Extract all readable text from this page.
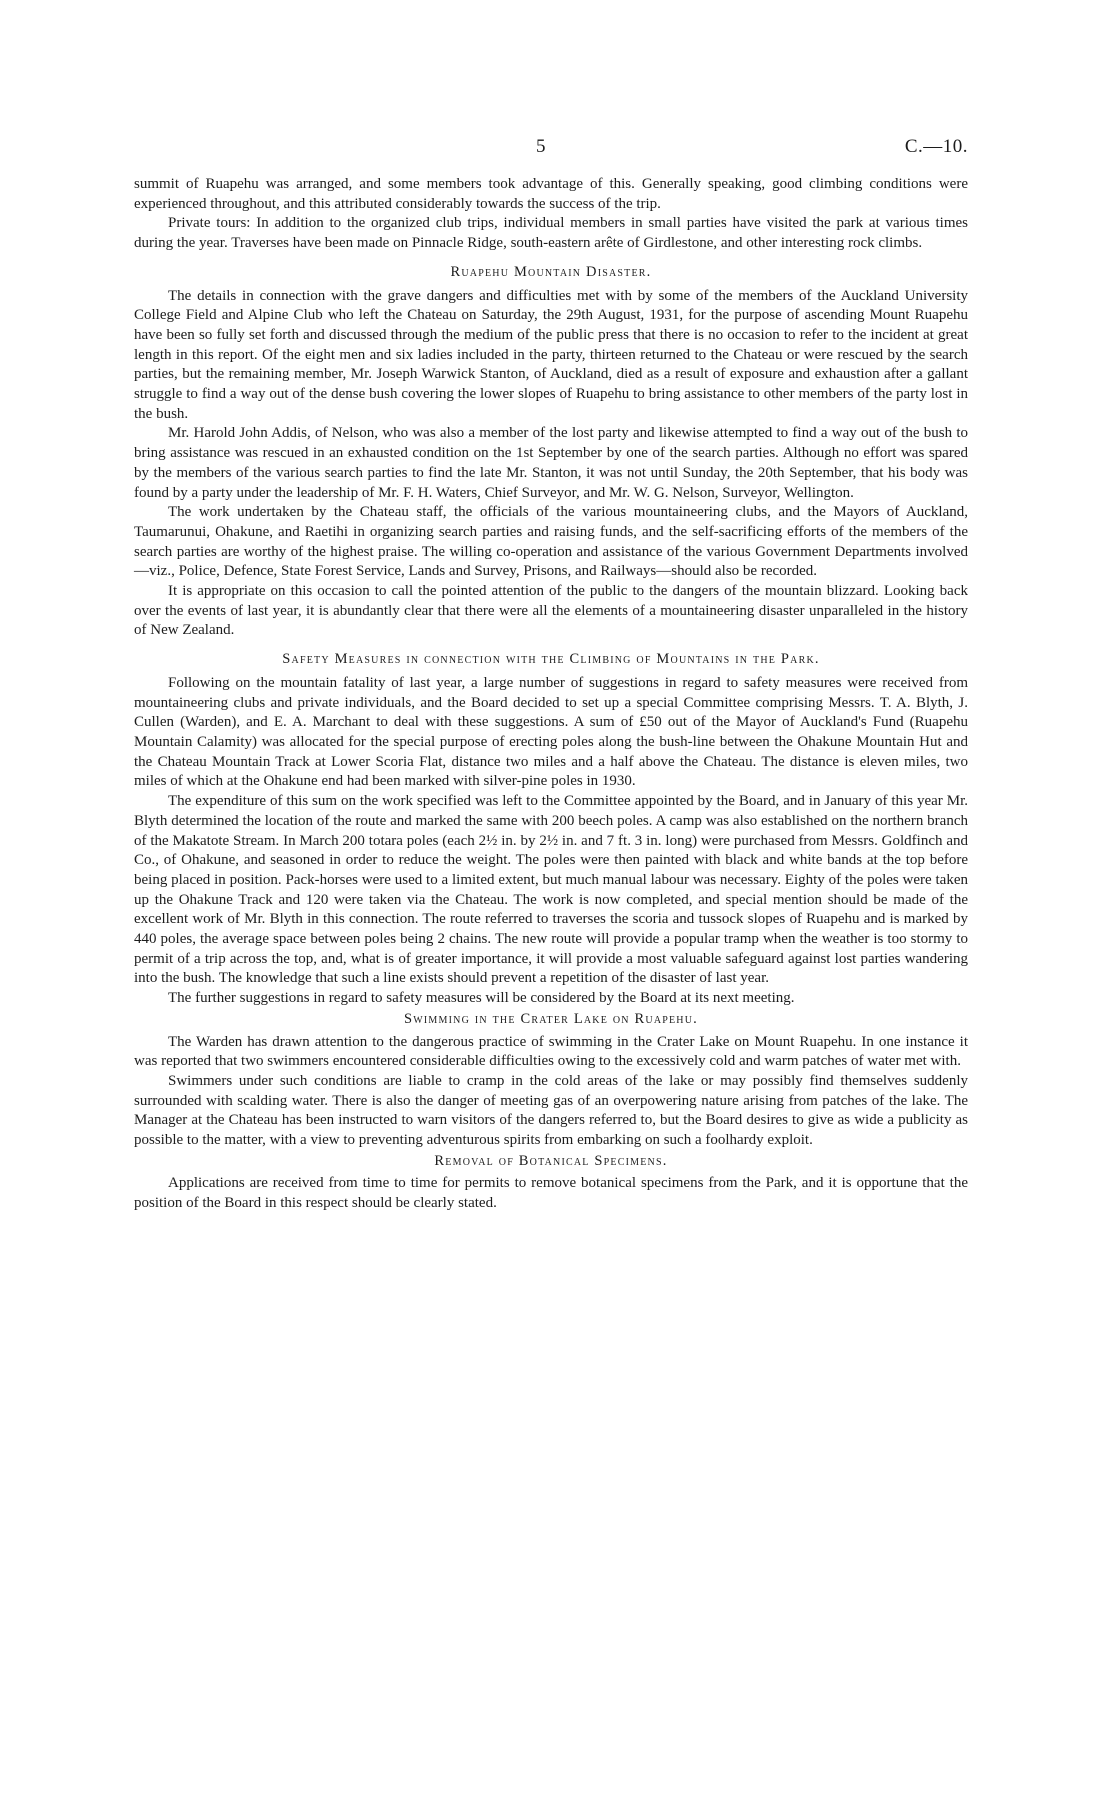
5	C.—10.

summit of Ruapehu was arranged, and some members took advantage of this. Generally speaking, good climbing conditions were experienced throughout, and this attributed considerably towards the success of the trip.

Private tours: In addition to the organized club trips, individual members in small parties have visited the park at various times during the year. Traverses have been made on Pinnacle Ridge, south-eastern arête of Girdlestone, and other interesting rock climbs.

Ruapehu Mountain Disaster.

The details in connection with the grave dangers and difficulties met with by some of the members of the Auckland University College Field and Alpine Club who left the Chateau on Saturday, the 29th August, 1931, for the purpose of ascending Mount Ruapehu have been so fully set forth and discussed through the medium of the public press that there is no occasion to refer to the incident at great length in this report. Of the eight men and six ladies included in the party, thirteen returned to the Chateau or were rescued by the search parties, but the remaining member, Mr. Joseph Warwick Stanton, of Auckland, died as a result of exposure and exhaustion after a gallant struggle to find a way out of the dense bush covering the lower slopes of Ruapehu to bring assistance to other members of the party lost in the bush.

Mr. Harold John Addis, of Nelson, who was also a member of the lost party and likewise attempted to find a way out of the bush to bring assistance was rescued in an exhausted condition on the 1st September by one of the search parties. Although no effort was spared by the members of the various search parties to find the late Mr. Stanton, it was not until Sunday, the 20th September, that his body was found by a party under the leadership of Mr. F. H. Waters, Chief Surveyor, and Mr. W. G. Nelson, Surveyor, Wellington.

The work undertaken by the Chateau staff, the officials of the various mountaineering clubs, and the Mayors of Auckland, Taumarunui, Ohakune, and Raetihi in organizing search parties and raising funds, and the self-sacrificing efforts of the members of the search parties are worthy of the highest praise. The willing co-operation and assistance of the various Government Departments involved—viz., Police, Defence, State Forest Service, Lands and Survey, Prisons, and Railways—should also be recorded.

It is appropriate on this occasion to call the pointed attention of the public to the dangers of the mountain blizzard. Looking back over the events of last year, it is abundantly clear that there were all the elements of a mountaineering disaster unparalleled in the history of New Zealand.

Safety Measures in connection with the Climbing of Mountains in the Park.

Following on the mountain fatality of last year, a large number of suggestions in regard to safety measures were received from mountaineering clubs and private individuals, and the Board decided to set up a special Committee comprising Messrs. T. A. Blyth, J. Cullen (Warden), and E. A. Marchant to deal with these suggestions. A sum of £50 out of the Mayor of Auckland's Fund (Ruapehu Mountain Calamity) was allocated for the special purpose of erecting poles along the bush-line between the Ohakune Mountain Hut and the Chateau Mountain Track at Lower Scoria Flat, distance two miles and a half above the Chateau. The distance is eleven miles, two miles of which at the Ohakune end had been marked with silver-pine poles in 1930.

The expenditure of this sum on the work specified was left to the Committee appointed by the Board, and in January of this year Mr. Blyth determined the location of the route and marked the same with 200 beech poles. A camp was also established on the northern branch of the Makatote Stream. In March 200 totara poles (each 2½ in. by 2½ in. and 7 ft. 3 in. long) were purchased from Messrs. Goldfinch and Co., of Ohakune, and seasoned in order to reduce the weight. The poles were then painted with black and white bands at the top before being placed in position. Pack-horses were used to a limited extent, but much manual labour was necessary. Eighty of the poles were taken up the Ohakune Track and 120 were taken via the Chateau. The work is now completed, and special mention should be made of the excellent work of Mr. Blyth in this connection. The route referred to traverses the scoria and tussock slopes of Ruapehu and is marked by 440 poles, the average space between poles being 2 chains. The new route will provide a popular tramp when the weather is too stormy to permit of a trip across the top, and, what is of greater importance, it will provide a most valuable safeguard against lost parties wandering into the bush. The knowledge that such a line exists should prevent a repetition of the disaster of last year.

The further suggestions in regard to safety measures will be considered by the Board at its next meeting.

Swimming in the Crater Lake on Ruapehu.

The Warden has drawn attention to the dangerous practice of swimming in the Crater Lake on Mount Ruapehu. In one instance it was reported that two swimmers encountered considerable difficulties owing to the excessively cold and warm patches of water met with.

Swimmers under such conditions are liable to cramp in the cold areas of the lake or may possibly find themselves suddenly surrounded with scalding water. There is also the danger of meeting gas of an overpowering nature arising from patches of the lake. The Manager at the Chateau has been instructed to warn visitors of the dangers referred to, but the Board desires to give as wide a publicity as possible to the matter, with a view to preventing adventurous spirits from embarking on such a foolhardy exploit.

Removal of Botanical Specimens.

Applications are received from time to time for permits to remove botanical specimens from the Park, and it is opportune that the position of the Board in this respect should be clearly stated.
